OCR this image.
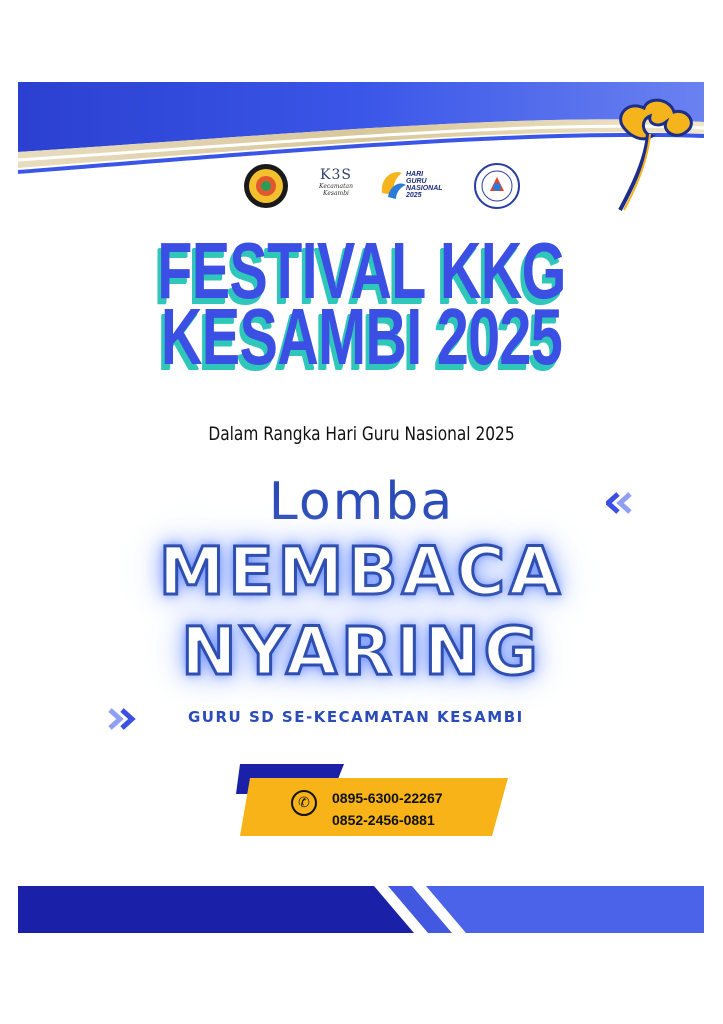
K3S
Kecamatan Kesambi
HARI
GURU
NASIONAL
2025
FESTIVAL KKG
KESAMBI 2025
Dalam Rangka Hari Guru Nasional 2025
Lomba
MEMBACA
NYARING
GURU SD SE-KECAMATAN KESAMBI
✆	0895-6300-22267
0852-2456-0881
